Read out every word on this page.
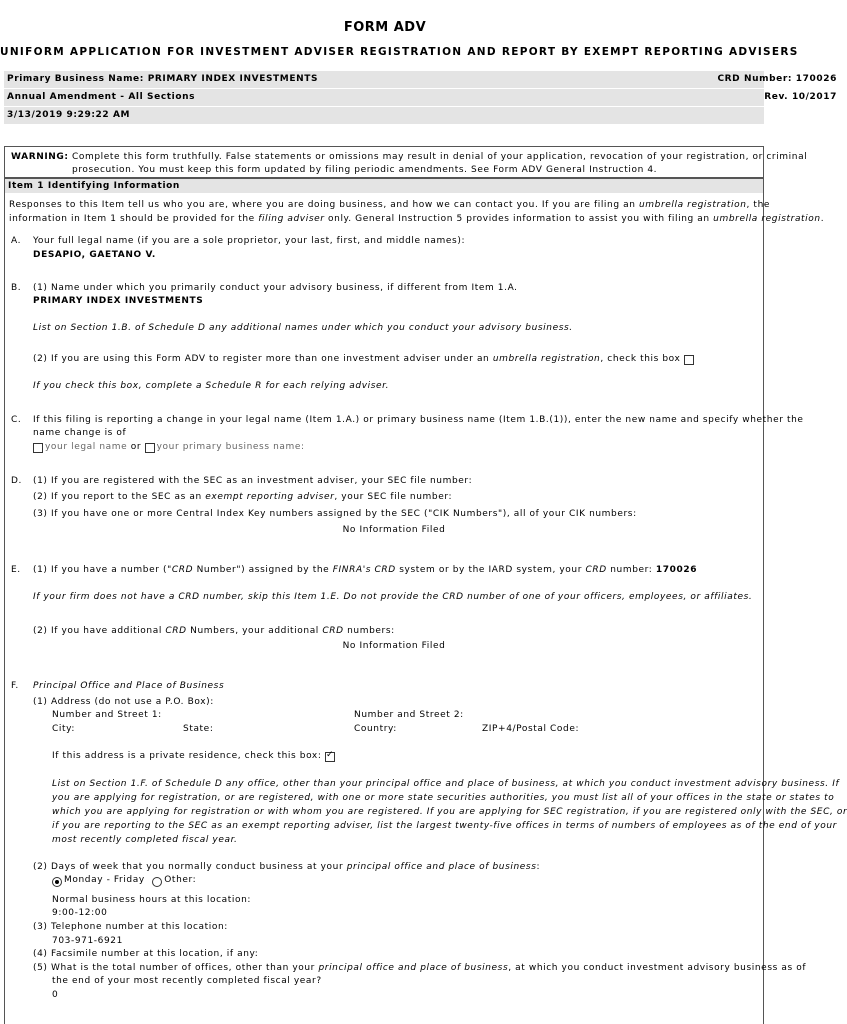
FORM ADV
UNIFORM APPLICATION FOR INVESTMENT ADVISER REGISTRATION AND REPORT BY EXEMPT REPORTING ADVISERS
Primary Business Name: PRIMARY INDEX INVESTMENTS	CRD Number: 170026
Annual Amendment - All Sections	Rev. 10/2017
3/13/2019 9:29:22 AM
WARNING: Complete this form truthfully. False statements or omissions may result in denial of your application, revocation of your registration, or criminal
prosecution. You must keep this form updated by filing periodic amendments. See Form ADV General Instruction 4.
Item 1 Identifying Information
Responses to this Item tell us who you are, where you are doing business, and how we can contact you. If you are filing an umbrella registration, the
information in Item 1 should be provided for the filing adviser only. General Instruction 5 provides information to assist you with filing an umbrella registration.
A. Your full legal name (if you are a sole proprietor, your last, first, and middle names):
DESAPIO, GAETANO V.
B. (1) Name under which you primarily conduct your advisory business, if different from Item 1.A.
PRIMARY INDEX INVESTMENTS
List on Section 1.B. of Schedule D any additional names under which you conduct your advisory business.
(2) If you are using this Form ADV to register more than one investment adviser under an umbrella registration, check this box
If you check this box, complete a Schedule R for each relying adviser.
C. If this filing is reporting a change in your legal name (Item 1.A.) or primary business name (Item 1.B.(1)), enter the new name and specify whether the
name change is of
your legal name or your primary business name:
D. (1) If you are registered with the SEC as an investment adviser, your SEC file number:
(2) If you report to the SEC as an exempt reporting adviser, your SEC file number:
(3) If you have one or more Central Index Key numbers assigned by the SEC ("CIK Numbers"), all of your CIK numbers:
No Information Filed
E. (1) If you have a number ("CRD Number") assigned by the FINRA's CRD system or by the IARD system, your CRD number: 170026
If your firm does not have a CRD number, skip this Item 1.E. Do not provide the CRD number of one of your officers, employees, or affiliates.
(2) If you have additional CRD Numbers, your additional CRD numbers:
No Information Filed
F. Principal Office and Place of Business
(1) Address (do not use a P.O. Box):
Number and Street 1:	Number and Street 2:
City:	State:	Country:	ZIP+4/Postal Code:
If this address is a private residence, check this box: ✓
List on Section 1.F. of Schedule D any office, other than your principal office and place of business, at which you conduct investment advisory business. If
you are applying for registration, or are registered, with one or more state securities authorities, you must list all of your offices in the state or states to
which you are applying for registration or with whom you are registered. If you are applying for SEC registration, if you are registered only with the SEC, or
if you are reporting to the SEC as an exempt reporting adviser, list the largest twenty-five offices in terms of numbers of employees as of the end of your
most recently completed fiscal year.
(2) Days of week that you normally conduct business at your principal office and place of business:
Monday - Friday Other:
Normal business hours at this location:
9:00-12:00
(3) Telephone number at this location:
703-971-6921
(4) Facsimile number at this location, if any:
(5) What is the total number of offices, other than your principal office and place of business, at which you conduct investment advisory business as of
the end of your most recently completed fiscal year?
0
